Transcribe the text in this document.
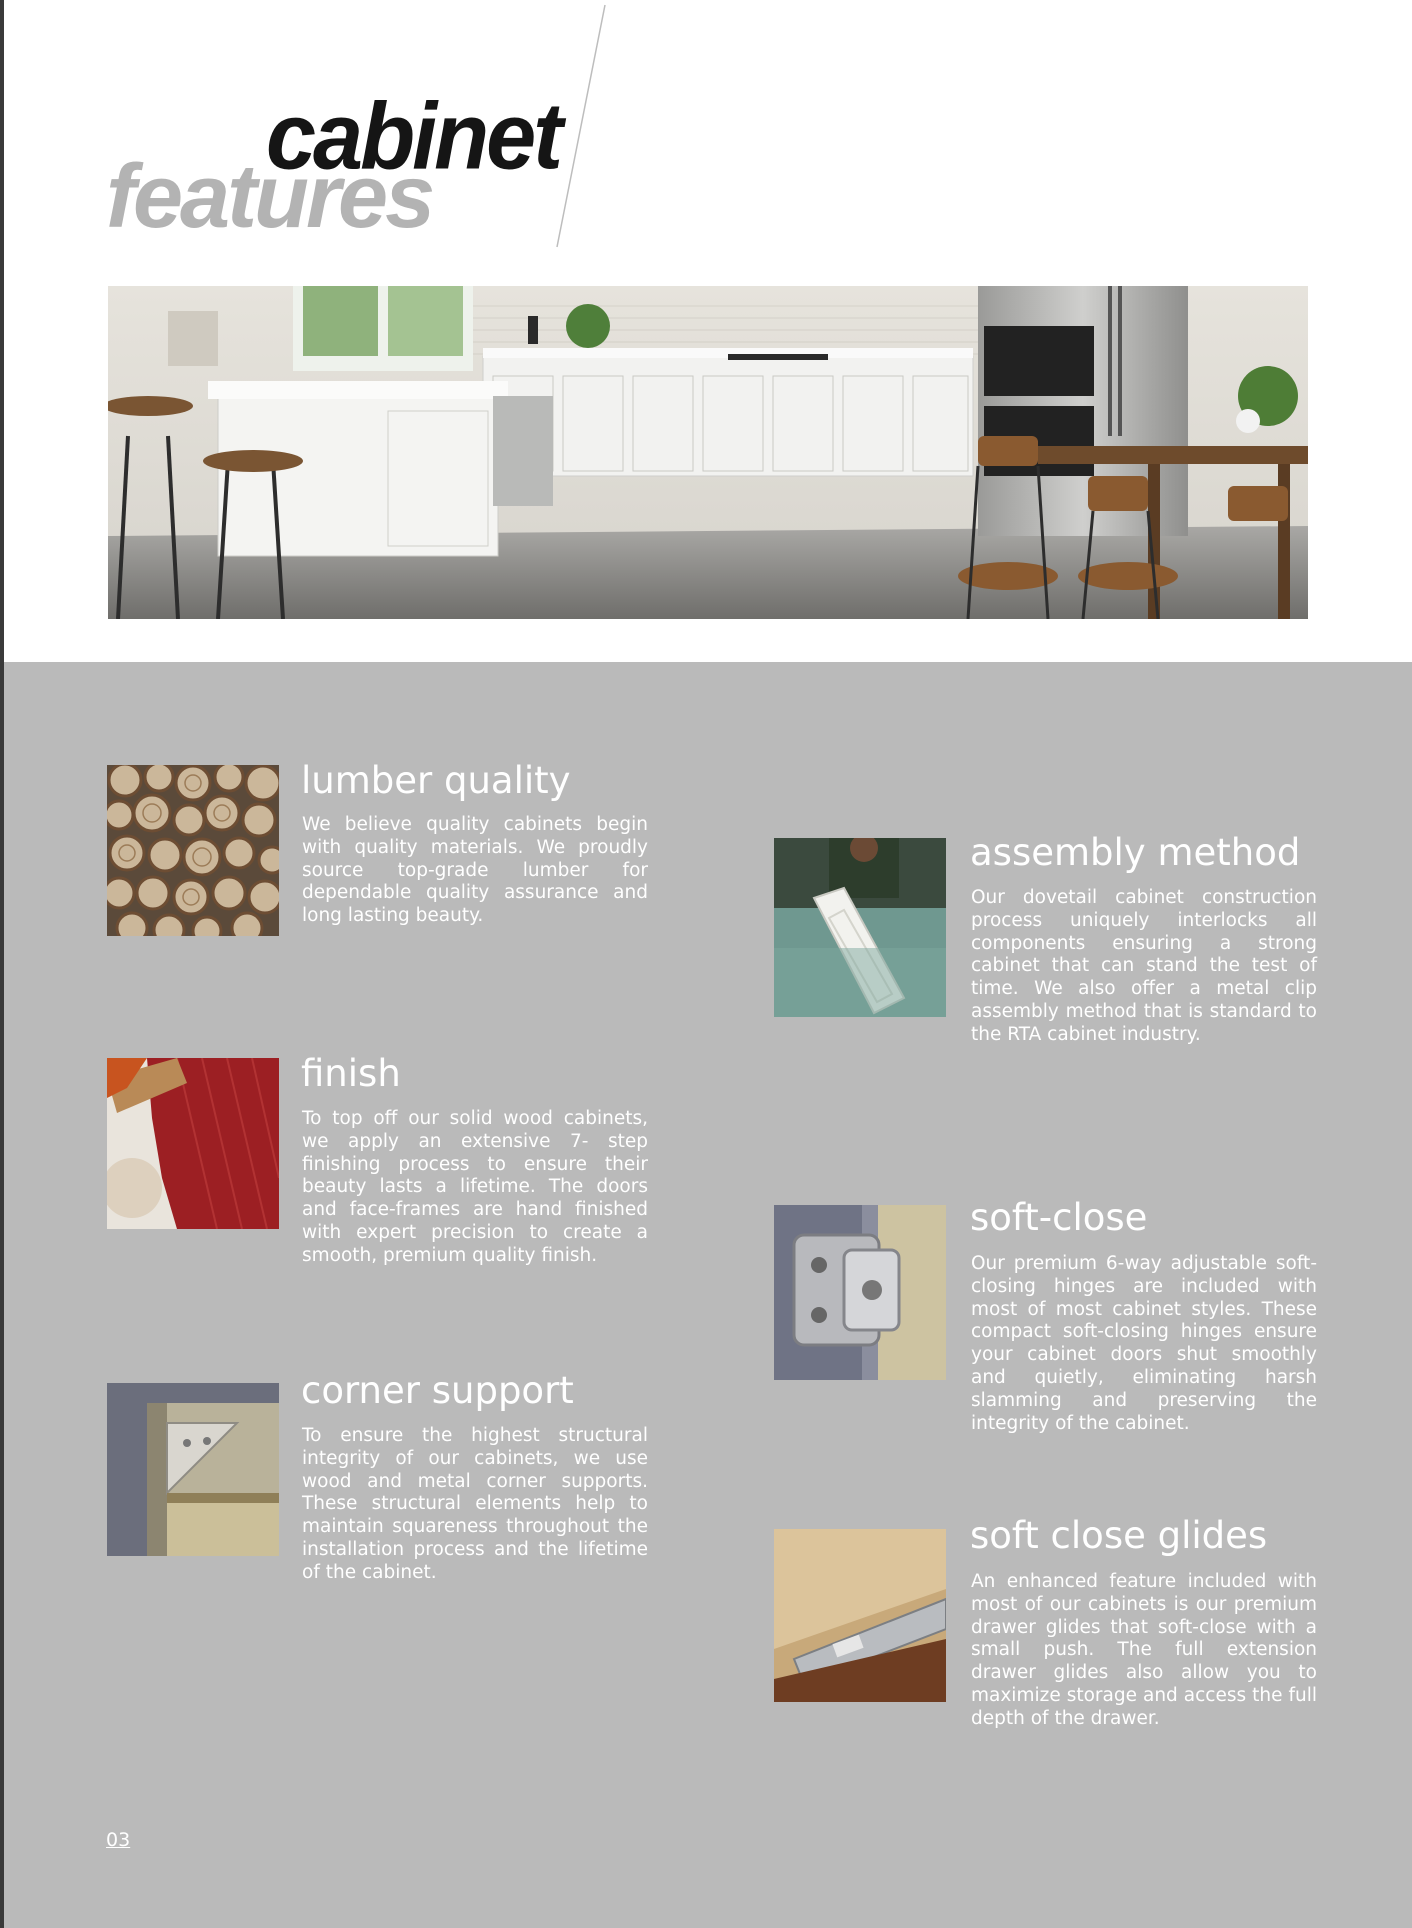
features
cabinet
lumber quality

We believe quality cabinets begin with quality materials. We proudly source top-grade lumber for dependable quality assurance and long lasting beauty.

finish

To top off our solid wood cabinets, we apply an extensive 7- step finishing process to ensure their beauty lasts a lifetime. The doors and face-frames are hand finished with expert precision to create a smooth, premium quality finish.

corner support

To ensure the highest structural integrity of our cabinets, we use wood and metal corner supports. These structural elements help to maintain squareness throughout the installation process and the lifetime of the cabinet.

assembly method

Our dovetail cabinet construction process uniquely interlocks all components ensuring a strong cabinet that can stand the test of time. We also offer a metal clip assembly method that is standard to the RTA cabinet industry.

soft-close

Our premium 6-way adjustable soft-closing hinges are included with most of most cabinet styles. These compact soft-closing hinges ensure your cabinet doors shut smoothly and quietly, eliminating harsh slamming and preserving the integrity of the cabinet.

soft close glides

An enhanced feature included with most of our cabinets is our premium drawer glides that soft-close with a small push. The full extension drawer glides also allow you to maximize storage and access the full depth of the drawer.

03
